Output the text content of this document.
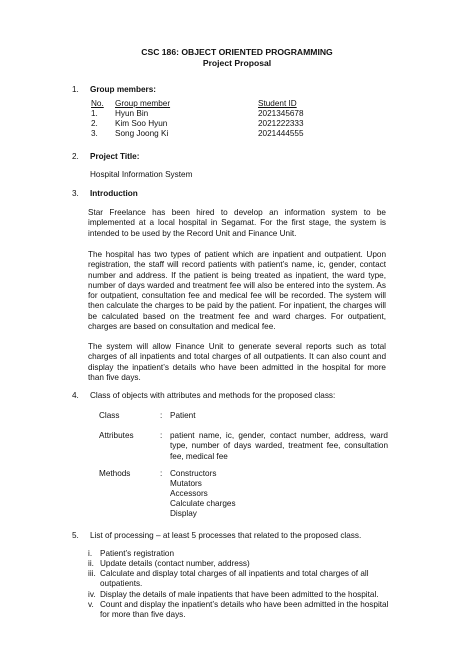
CSC 186: OBJECT ORIENTED PROGRAMMING
Project Proposal
1. Group members:
No. Group member	Student ID
1. Hyun Bin	2021345678
2. Kim Soo Hyun	2021222333
3. Song Joong Ki	2021444555
2. Project Title:
Hospital Information System
3. Introduction
Star Freelance has been hired to develop an information system to be implemented at a local hospital in Segamat. For the first stage, the system is intended to be used by the Record Unit and Finance Unit.
The hospital has two types of patient which are inpatient and outpatient. Upon registration, the staff will record patients with patient’s name, ic, gender, contact number and address. If the patient is being treated as inpatient, the ward type, number of days warded and treatment fee will also be entered into the system. As for outpatient, consultation fee and medical fee will be recorded. The system will then calculate the charges to be paid by the patient. For inpatient, the charges will be calculated based on the treatment fee and ward charges. For outpatient, charges are based on consultation and medical fee.
The system will allow Finance Unit to generate several reports such as total charges of all inpatients and total charges of all outpatients. It can also count and display the inpatient’s details who have been admitted in the hospital for more than five days.
4. Class of objects with attributes and methods for the proposed class:
Class	: Patient
Attributes	: patient name, ic, gender, contact number, address, ward type, number of days warded, treatment fee, consultation fee, medical fee
Methods	: Constructors
Mutators
Accessors
Calculate charges
Display
5. List of processing – at least 5 processes that related to the proposed class.
i. Patient’s registration
ii. Update details (contact number, address)
iii. Calculate and display total charges of all inpatients and total charges of all outpatients.
iv. Display the details of male inpatients that have been admitted to the hospital.
v. Count and display the inpatient’s details who have been admitted in the hospital for more than five days.
